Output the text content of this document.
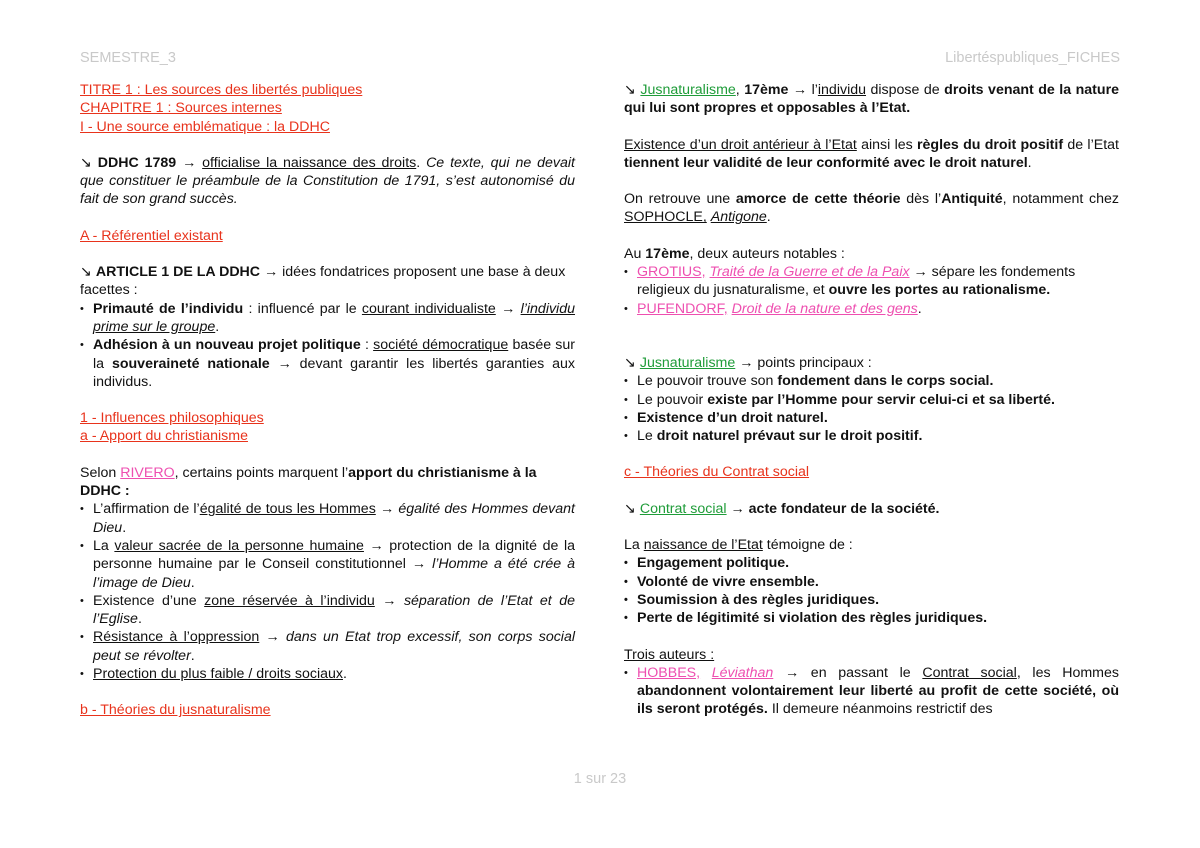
SEMESTRE_3	Libertéspubliques_FICHES

TITRE 1 : Les sources des libertés publiques

CHAPITRE 1 : Sources internes

I - Une source emblématique : la DDHC

↘ DDHC 1789 → officialise la naissance des droits. Ce texte, qui ne devait que constituer le préambule de la Constitution de 1791, s’est autonomisé du fait de son grand succès.

A - Référentiel existant

↘ ARTICLE 1 DE LA DDHC → idées fondatrices proposent une base à deux facettes :

• Primauté de l’individu : influencé par le courant individualiste → l’individu prime sur le groupe.
• Adhésion à un nouveau projet politique : société démocratique basée sur la souveraineté nationale → devant garantir les libertés garanties aux individus.

1 - Influences philosophiques

a - Apport du christianisme

Selon RIVERO, certains points marquent l’apport du christianisme à la DDHC :

• L’affirmation de l’égalité de tous les Hommes → égalité des Hommes devant Dieu.
• La valeur sacrée de la personne humaine → protection de la dignité de la personne humaine par le Conseil constitutionnel → l’Homme a été crée à l’image de Dieu.
• Existence d’une zone réservée à l’individu → séparation de l’Etat et de l’Eglise.
• Résistance à l’oppression → dans un Etat trop excessif, son corps social peut se révolter.
• Protection du plus faible / droits sociaux.

b - Théories du jusnaturalisme

↘ Jusnaturalisme, 17ème → l’individu dispose de droits venant de la nature qui lui sont propres et opposables à l’Etat.

Existence d’un droit antérieur à l’Etat ainsi les règles du droit positif de l’Etat tiennent leur validité de leur conformité avec le droit naturel.

On retrouve une amorce de cette théorie dès l’Antiquité, notamment chez SOPHOCLE, Antigone.

Au 17ème, deux auteurs notables :

• GROTIUS, Traité de la Guerre et de la Paix → sépare les fondements religieux du jusnaturalisme, et ouvre les portes au rationalisme.
• PUFENDORF, Droit de la nature et des gens.

↘ Jusnaturalisme → points principaux :

• Le pouvoir trouve son fondement dans le corps social.
• Le pouvoir existe par l’Homme pour servir celui-ci et sa liberté.
• Existence d’un droit naturel.
• Le droit naturel prévaut sur le droit positif.

c - Théories du Contrat social

↘ Contrat social → acte fondateur de la société.

La naissance de l’Etat témoigne de :

• Engagement politique.
• Volonté de vivre ensemble.
• Soumission à des règles juridiques.
• Perte de légitimité si violation des règles juridiques.

Trois auteurs :

• HOBBES, Léviathan → en passant le Contrat social, les Hommes abandonnent volontairement leur liberté au profit de cette société, où ils seront protégés. Il demeure néanmoins restrictif des
1 sur 23
